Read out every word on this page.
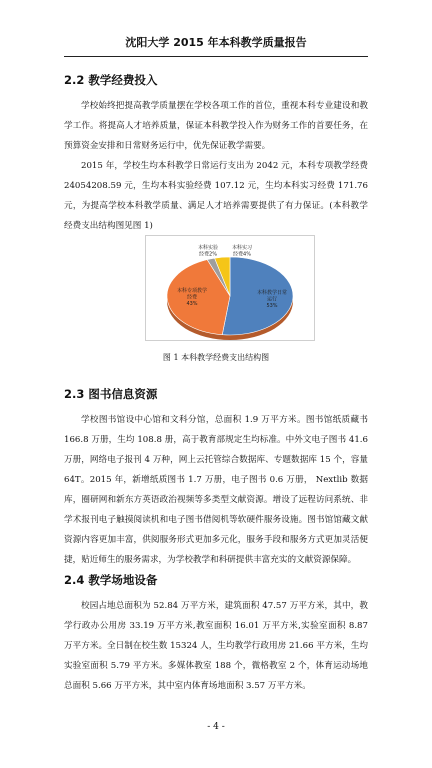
沈阳大学 2015 年本科教学质量报告
2.2 教学经费投入

学校始终把提高教学质量摆在学校各项工作的首位，重视本科专业建设和教学工作。将提高人才培养质量，保证本科教学投入作为财务工作的首要任务，在预算资金安排和日常财务运行中，优先保证教学需要。

2015 年，学校生均本科教学日常运行支出为 2042 元，本科专项教学经费 24054208.59 元，生均本科实验经费 107.12 元，生均本科实习经费 171.76 元，为提高学校本科教学质量、满足人才培养需要提供了有力保证。(本科教学经费支出结构图见图 1)

本科教学日常运行 53%
本科专项教学经费 43%
本科实验经费2%
本科实习经费4%
图 1 本科教学经费支出结构图
2.3 图书信息资源

学校图书馆设中心馆和文科分馆，总面积 1.9 万平方米。图书馆纸质藏书 166.8 万册，生均 108.8 册，高于教育部规定生均标准。中外文电子图书 41.6 万册，网络电子报刊 4 万种，网上云托管综合数据库、专题数据库 15 个，容量 64T。2015 年，新增纸质图书 1.7 万册，电子图书 0.6 万册， Nextlib 数据库，圈研网和新东方英语政治视频等多类型文献资源。增设了远程访问系统、非学术报刊电子触摸阅读机和电子图书借阅机等软硬件服务设施。图书馆馆藏文献资源内容更加丰富，供阅服务形式更加多元化，服务手段和服务方式更加灵活便捷，贴近师生的服务需求，为学校教学和科研提供丰富充实的文献资源保障。

2.4 教学场地设备

校园占地总面积为 52.84 万平方米，建筑面积 47.57 万平方米，其中，教学行政办公用房 33.19 万平方米,教室面积 16.01 万平方米,实验室面积 8.87 万平方米。全日制在校生数 15324 人，生均教学行政用房 21.66 平方米，生均实验室面积 5.79 平方米。多媒体教室 188 个，微格教室 2 个，体育运动场地总面积 5.66 万平方米，其中室内体育场地面积 3.57 万平方米。

- 4 -
